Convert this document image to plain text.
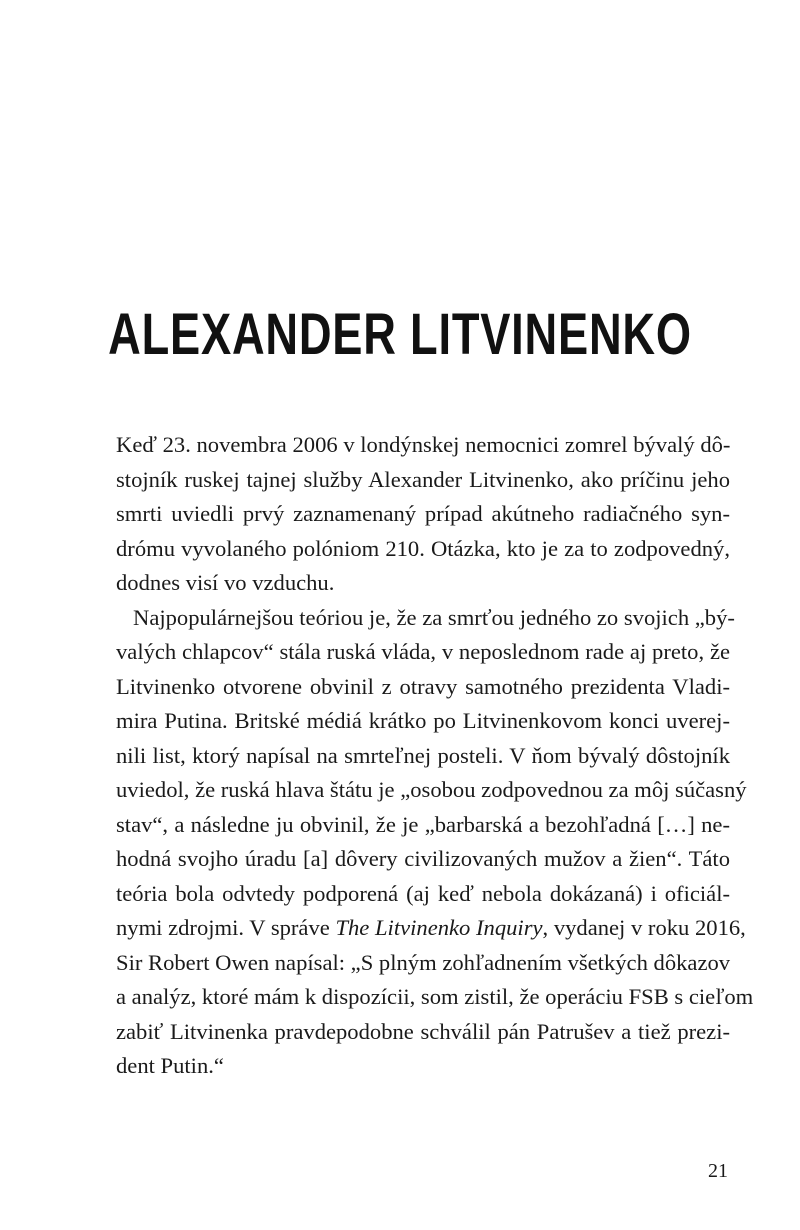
ALEXANDER LITVINENKO

Keď 23. novembra 2006 v londýnskej nemocnici zomrel bývalý dô-
stojník ruskej tajnej služby Alexander Litvinenko, ako príčinu jeho
smrti uviedli prvý zaznamenaný prípad akútneho radiačného syn-
drómu vyvolaného polóniom 210. Otázka, kto je za to zodpovedný,
dodnes visí vo vzduchu.

Najpopulárnejšou teóriou je, že za smrťou jedného zo svojich „bý-
valých chlapcov“ stála ruská vláda, v neposlednom rade aj preto, že
Litvinenko otvorene obvinil z otravy samotného prezidenta Vladi-
mira Putina. Britské médiá krátko po Litvinenkovom konci uverej-
nili list, ktorý napísal na smrteľnej posteli. V ňom bývalý dôstojník
uviedol, že ruská hlava štátu je „osobou zodpovednou za môj súčasný
stav“, a následne ju obvinil, že je „barbarská a bezohľadná […] ne-
hodná svojho úradu [a] dôvery civilizovaných mužov a žien“. Táto
teória bola odvtedy podporená (aj keď nebola dokázaná) i oficiál-
nymi zdrojmi. V správe The Litvinenko Inquiry, vydanej v roku 2016,
Sir Robert Owen napísal: „S plným zohľadnením všetkých dôkazov
a analýz, ktoré mám k dispozícii, som zistil, že operáciu FSB s cieľom
zabiť Litvinenka pravdepodobne schválil pán Patrušev a tiež prezi-
dent Putin.“

21
